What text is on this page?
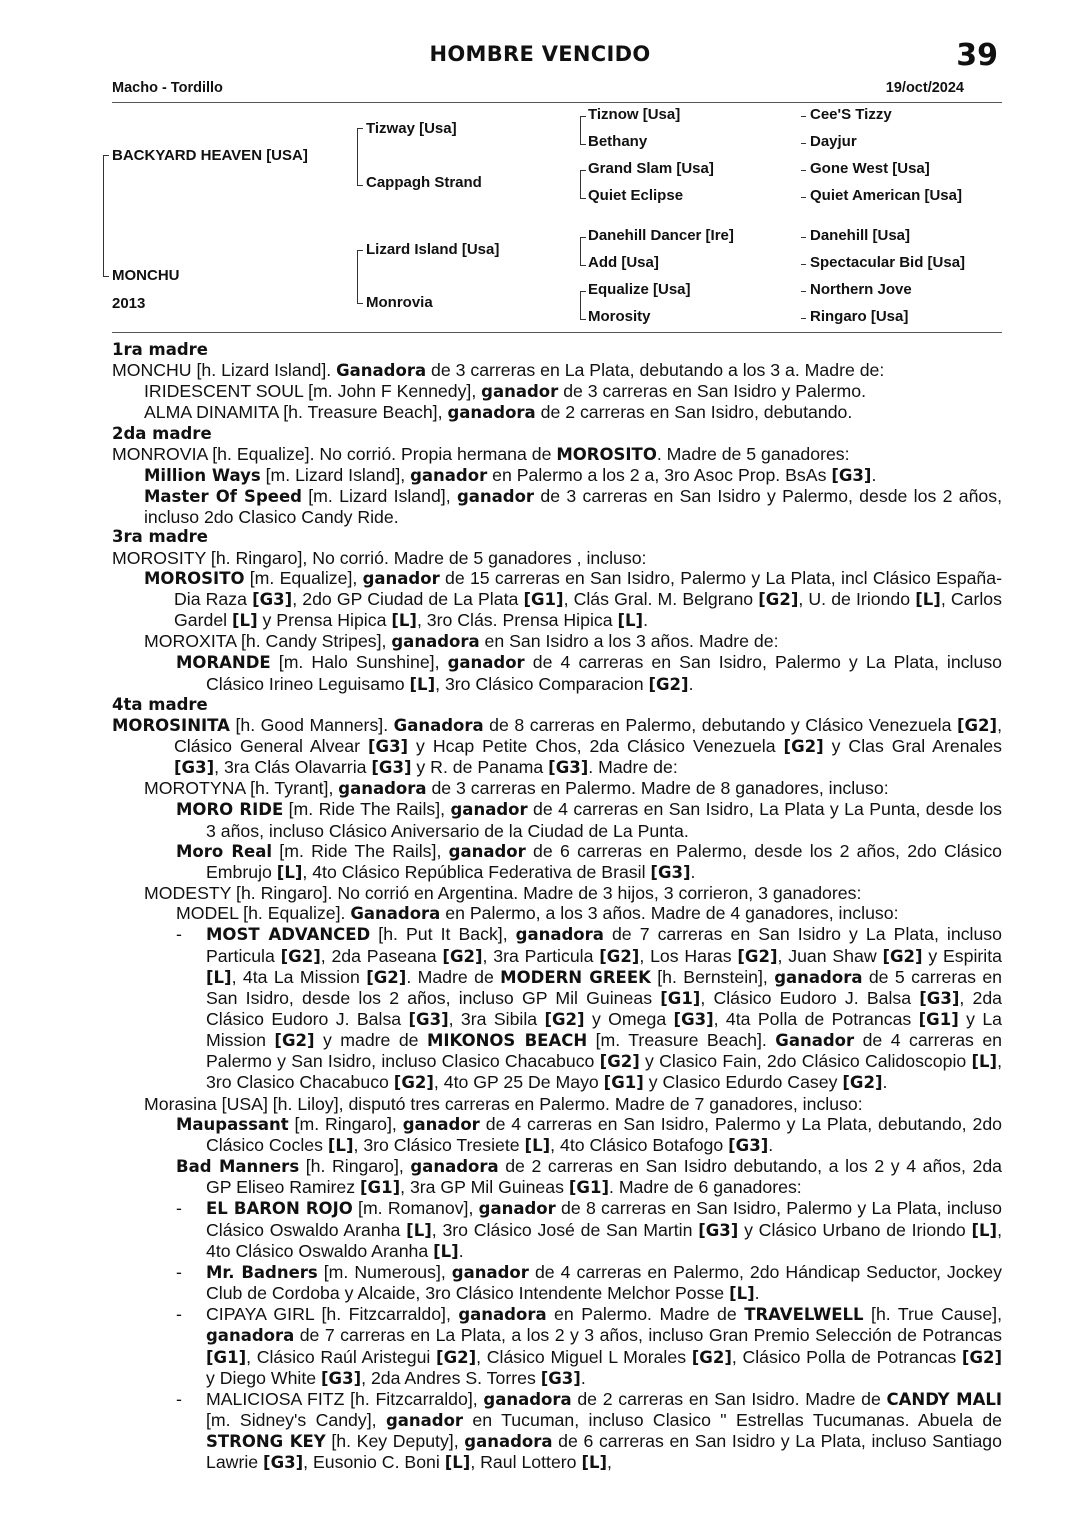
HOMBRE VENCIDO	39
Macho - Tordillo	19/oct/2024
BACKYARD HEAVEN [USA]
MONCHU
2013
Tizway [Usa]
Cappagh Strand
Lizard Island [Usa]
Monrovia
Tiznow [Usa]
Bethany
Grand Slam [Usa]
Quiet Eclipse
Danehill Dancer [Ire]
Add [Usa]
Equalize [Usa]
Morosity
Cee'S Tizzy
Dayjur
Gone West [Usa]
Quiet American [Usa]
Danehill [Usa]
Spectacular Bid [Usa]
Northern Jove
Ringaro [Usa]

1ra madre

MONCHU [h. Lizard Island]. Ganadora de 3 carreras en La Plata, debutando a los 3 a. Madre de:

IRIDESCENT SOUL [m. John F Kennedy], ganador de 3 carreras en San Isidro y Palermo.

ALMA DINAMITA [h. Treasure Beach], ganadora de 2 carreras en San Isidro, debutando.

2da madre

MONROVIA [h. Equalize]. No corrió. Propia hermana de MOROSITO. Madre de 5 ganadores:

Million Ways [m. Lizard Island], ganador en Palermo a los 2 a, 3ro Asoc Prop. BsAs [G3].

Master Of Speed [m. Lizard Island], ganador de 3 carreras en San Isidro y Palermo, desde los 2 años, incluso 2do Clasico Candy Ride.

3ra madre

MOROSITY [h. Ringaro], No corrió. Madre de 5 ganadores , incluso:

MOROSITO [m. Equalize], ganador de 15 carreras en San Isidro, Palermo y La Plata, incl Clásico España-Dia Raza [G3], 2do GP Ciudad de La Plata [G1], Clás Gral. M. Belgrano [G2], U. de Iriondo [L], Carlos Gardel [L] y Prensa Hipica [L], 3ro Clás. Prensa Hipica [L].

MOROXITA [h. Candy Stripes], ganadora en San Isidro a los 3 años. Madre de:

MORANDE [m. Halo Sunshine], ganador de 4 carreras en San Isidro, Palermo y La Plata, incluso Clásico Irineo Leguisamo [L], 3ro Clásico Comparacion [G2].

4ta madre

MOROSINITA [h. Good Manners]. Ganadora de 8 carreras en Palermo, debutando y Clásico Venezuela [G2], Clásico General Alvear [G3] y Hcap Petite Chos, 2da Clásico Venezuela [G2] y Clas Gral Arenales [G3], 3ra Clás Olavarria [G3] y R. de Panama [G3]. Madre de:

MOROTYNA [h. Tyrant], ganadora de 3 carreras en Palermo. Madre de 8 ganadores, incluso:

MORO RIDE [m. Ride The Rails], ganador de 4 carreras en San Isidro, La Plata y La Punta, desde los 3 años, incluso Clásico Aniversario de la Ciudad de La Punta.

Moro Real [m. Ride The Rails], ganador de 6 carreras en Palermo, desde los 2 años, 2do Clásico Embrujo [L], 4to Clásico República Federativa de Brasil [G3].

MODESTY [h. Ringaro]. No corrió en Argentina. Madre de 3 hijos, 3 corrieron, 3 ganadores:

MODEL [h. Equalize]. Ganadora en Palermo, a los 3 años. Madre de 4 ganadores, incluso:

- MOST ADVANCED [h. Put It Back], ganadora de 7 carreras en San Isidro y La Plata, incluso Particula [G2], 2da Paseana [G2], 3ra Particula [G2], Los Haras [G2], Juan Shaw [G2] y Espirita [L], 4ta La Mission [G2]. Madre de MODERN GREEK [h. Bernstein], ganadora de 5 carreras en San Isidro, desde los 2 años, incluso GP Mil Guineas [G1], Clásico Eudoro J. Balsa [G3], 2da Clásico Eudoro J. Balsa [G3], 3ra Sibila [G2] y Omega [G3], 4ta Polla de Potrancas [G1] y La Mission [G2] y madre de MIKONOS BEACH [m. Treasure Beach]. Ganador de 4 carreras en Palermo y San Isidro, incluso Clasico Chacabuco [G2] y Clasico Fain, 2do Clásico Calidoscopio [L], 3ro Clasico Chacabuco [G2], 4to GP 25 De Mayo [G1] y Clasico Edurdo Casey [G2].

Morasina [USA] [h. Liloy], disputó tres carreras en Palermo. Madre de 7 ganadores, incluso:

Maupassant [m. Ringaro], ganador de 4 carreras en San Isidro, Palermo y La Plata, debutando, 2do Clásico Cocles [L], 3ro Clásico Tresiete [L], 4to Clásico Botafogo [G3].

Bad Manners [h. Ringaro], ganadora de 2 carreras en San Isidro debutando, a los 2 y 4 años, 2da GP Eliseo Ramirez [G1], 3ra GP Mil Guineas [G1]. Madre de 6 ganadores:

- EL BARON ROJO [m. Romanov], ganador de 8 carreras en San Isidro, Palermo y La Plata, incluso Clásico Oswaldo Aranha [L], 3ro Clásico José de San Martin [G3] y Clásico Urbano de Iriondo [L], 4to Clásico Oswaldo Aranha [L].

- Mr. Badners [m. Numerous], ganador de 4 carreras en Palermo, 2do Hándicap Seductor, Jockey Club de Cordoba y Alcaide, 3ro Clásico Intendente Melchor Posse [L].

- CIPAYA GIRL [h. Fitzcarraldo], ganadora en Palermo. Madre de TRAVELWELL [h. True Cause], ganadora de 7 carreras en La Plata, a los 2 y 3 años, incluso Gran Premio Selección de Potrancas [G1], Clásico Raúl Aristegui [G2], Clásico Miguel L Morales [G2], Clásico Polla de Potrancas [G2] y Diego White [G3], 2da Andres S. Torres [G3].

- MALICIOSA FITZ [h. Fitzcarraldo], ganadora de 2 carreras en San Isidro. Madre de CANDY MALI [m. Sidney's Candy], ganador en Tucuman, incluso Clasico " Estrellas Tucumanas. Abuela de STRONG KEY [h. Key Deputy], ganadora de 6 carreras en San Isidro y La Plata, incluso Santiago Lawrie [G3], Eusonio C. Boni [L], Raul Lottero [L],
